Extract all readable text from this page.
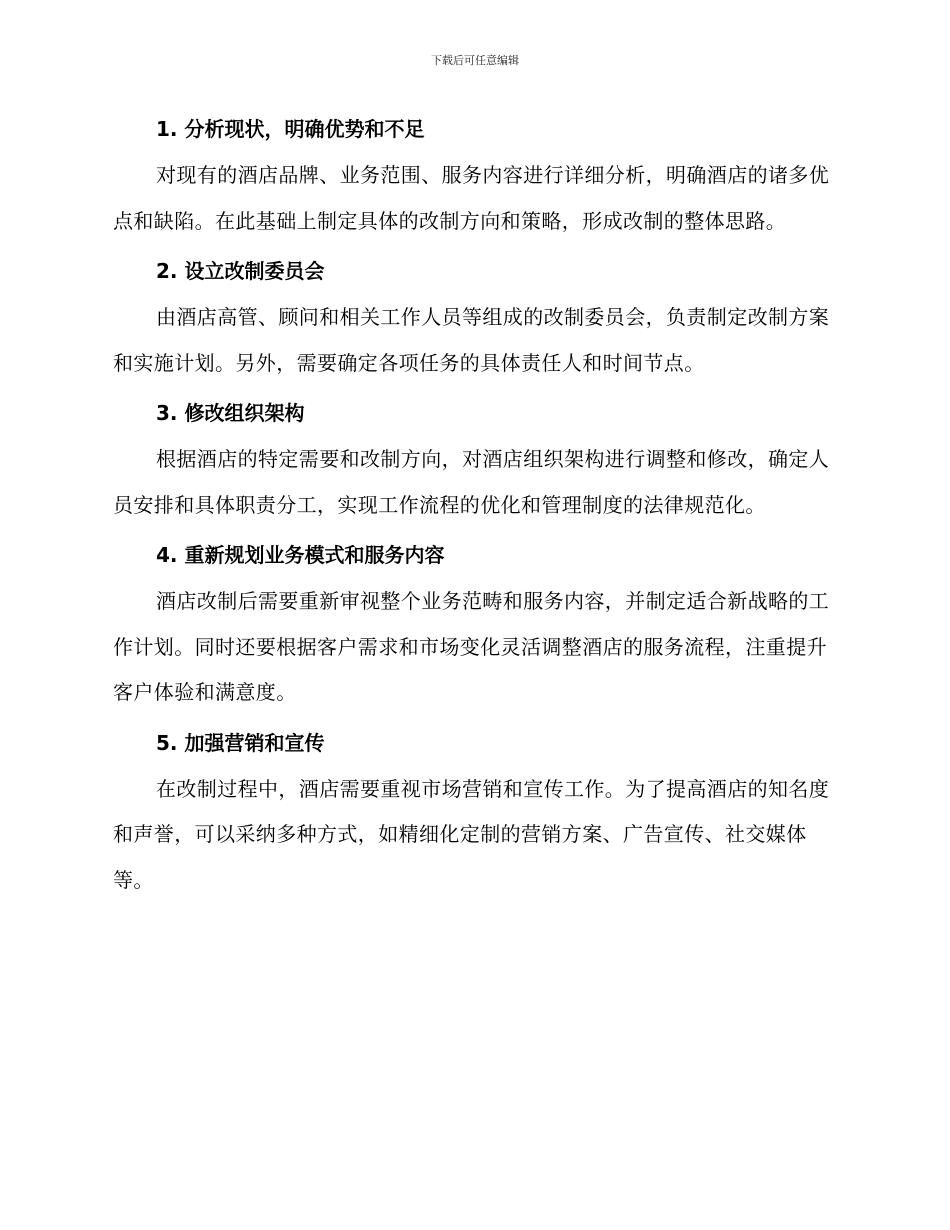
下载后可任意编辑
1. 分析现状，明确优势和不足

对现有的酒店品牌、业务范围、服务内容进行详细分析，明确酒店的诸多优点和缺陷。在此基础上制定具体的改制方向和策略，形成改制的整体思路。

2. 设立改制委员会

由酒店高管、顾问和相关工作人员等组成的改制委员会，负责制定改制方案和实施计划。另外，需要确定各项任务的具体责任人和时间节点。

3. 修改组织架构

根据酒店的特定需要和改制方向，对酒店组织架构进行调整和修改，确定人员安排和具体职责分工，实现工作流程的优化和管理制度的法律规范化。

4. 重新规划业务模式和服务内容

酒店改制后需要重新审视整个业务范畴和服务内容，并制定适合新战略的工作计划。同时还要根据客户需求和市场变化灵活调整酒店的服务流程，注重提升客户体验和满意度。

5. 加强营销和宣传

在改制过程中，酒店需要重视市场营销和宣传工作。为了提高酒店的知名度和声誉，可以采纳多种方式，如精细化定制的营销方案、广告宣传、社交媒体等。
